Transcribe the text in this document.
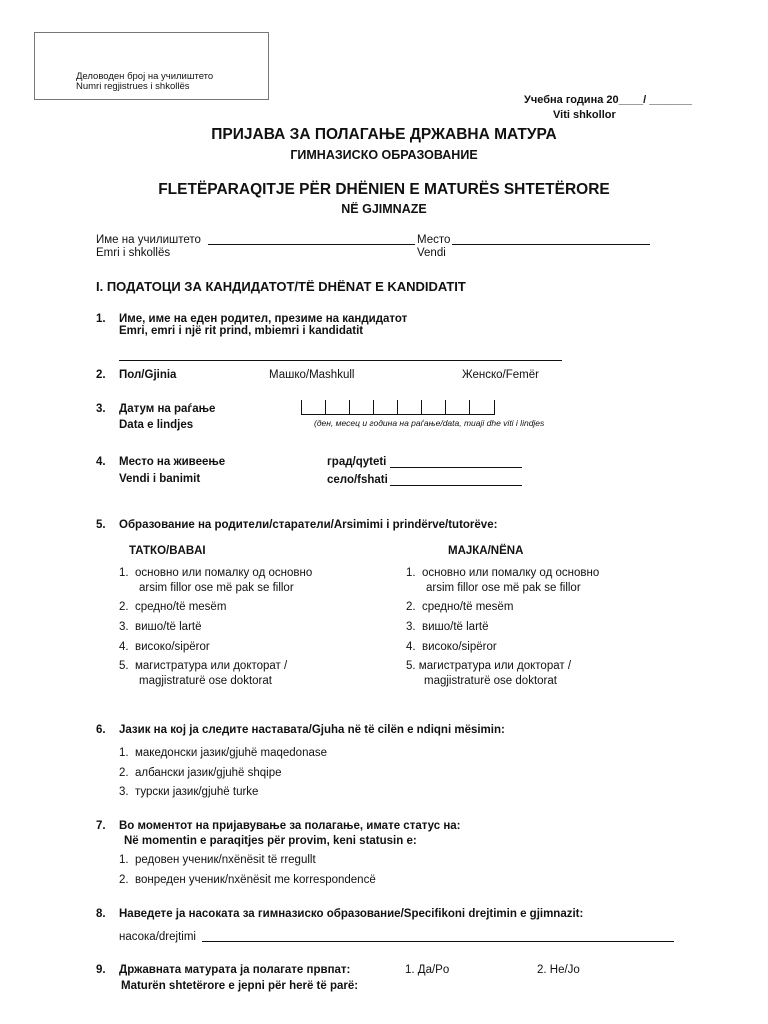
Деловоден број на училиштето
Numri regjistrues i shkollës
Учебна година 20____/ _______
Viti shkollor
ПРИЈАВА ЗА ПОЛАГАЊЕ ДРЖАВНА МАТУРА
ГИМНАЗИСКО ОБРАЗОВАНИЕ
FLETËPARAQITJE PËR DHËNIEN E MATURËS SHTETËRORE
NË GJIMNAZE
Име на училиштето
Emri i shkollës
Место
Vendi
I. ПОДАТОЦИ ЗА КАНДИДАТОТ/TË DHËNAT E KANDIDATIT
1. Име, име на еден родител, презиме на кандидатот
Emri, emri i një rit prind, mbiemri i kandidatit
2. Пол/Gjinia	Машко/Mashkull	Женско/Femër
3. Датум на раѓање
Data e lindjes	(ден, месец и година на раѓање/data, muaji dhe viti i lindjes
4. Место на живеење
Vendi i banimit
град/qyteti
село/fshati
5. Образование на родители/старатели/Arsimimi i prindërve/tutorëve:
ТАТКО/BABAI	МАЈКА/NËNA
1. основно или помалку од основно
arsim fillor ose më pak se fillor
2. средно/të mesëm
3. вишо/të lartë
4. високо/sipëror
5. магистратура или докторат /
magjistraturë ose doktorat
1. основно или помалку од основно
arsim fillor ose më pak se fillor
2. средно/të mesëm
3. вишо/të lartë
4. високо/sipëror
5. магистратура или докторат /
magjistraturë ose doktorat
6. Јазик на кој ја следите наставата/Gjuha në të cilën e ndiqni mësimin:
1.  македонски јазик/gjuhë maqedonase
2.  албански јазик/gjuhë shqipe
3.  турски јазик/gjuhë turke
7. Во моментот на пријавување за полагање, имате статус на:
Në momentin e paraqitjes për provim, keni statusin e:
1.  редовен ученик/nxënësit të rregullt
2.  вонреден ученик/nxënësit me korrespondencë
8. Наведете ја насоката за гимназиско образование/Specifikoni drejtimin e gjimnazit:
насока/drejtimi
9. Државната матурата ја полагате првпат:
Maturën shtetërore e jepni për herë të parë:
1. Да/Po	2. Не/Jo
